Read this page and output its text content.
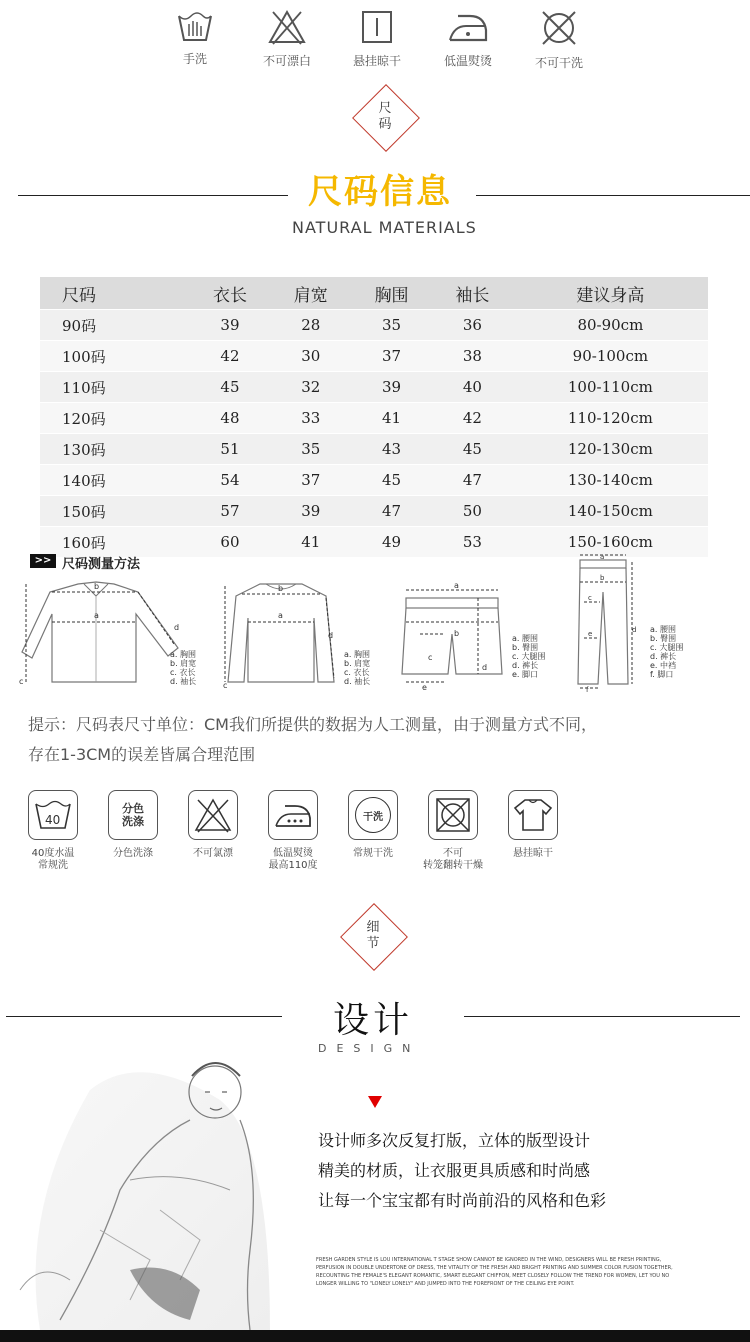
手洗	不可漂白	悬挂晾干	低温熨烫	不可干洗
尺
码
尺码信息
NATURAL MATERIALS
尺码	衣长	肩宽	胸围	袖长	建议身高
90码	39	28	35	36	80-90cm
100码	42	30	37	38	90-100cm
110码	45	32	39	40	100-110cm
120码	48	33	41	42	110-120cm
130码	51	35	43	45	120-130cm
140码	54	37	45	47	130-140cm
150码	57	39	47	50	140-150cm
160码	60	41	49	53	150-160cm
>> 尺码测量方法
a
b
c
d
a. 胸围
b. 肩宽
c. 衣长
d. 袖长
a
b
c
d
a. 胸围
b. 肩宽
c. 衣长
d. 袖长
a
b
c
d
e
a. 腰围
b. 臀围
c. 大腿围
d. 裤长
e. 脚口
a
b
c
d
e
f
a. 腰围
b. 臀围
c. 大腿围
d. 裤长
e. 中裆
f. 脚口
提示：尺码表尺寸单位：CM我们所提供的数据为人工测量，由于测量方式不同，
存在1-3CM的误差皆属合理范围
40
40度水温
常规洗
分色
洗涤
分色洗涤	不可氯漂	低温熨烫
最高110度
干洗
常规干洗	不可
转笼翻转干燥
悬挂晾干
细
节
设计
DESIGN
设计师多次反复打版，立体的版型设计
精美的材质，让衣服更具质感和时尚感
让每一个宝宝都有时尚前沿的风格和色彩
FRESH GARDEN STYLE IS LOU INTERNATIONAL T STAGE SHOW CANNOT BE IGNORED IN THE WIND, DESIGNERS WILL BE FRESH PRINTING, PERFUSION IN DOUBLE UNDERTONE OF DRESS, THE VITALITY OF THE FRESH AND BRIGHT PRINTING AND SUMMER COLOR FUSION TOGETHER, RECOUNTING THE FEMALE'S ELEGANT ROMANTIC, SMART ELEGANT CHIFFON, MEET CLOSELY FOLLOW THE TREND FOR WOMEN, LET YOU NO LONGER WILLING TO "LONELY LONELY" AND JUMPED INTO THE FOREFRONT OF THE CEILING EYE POINT.
